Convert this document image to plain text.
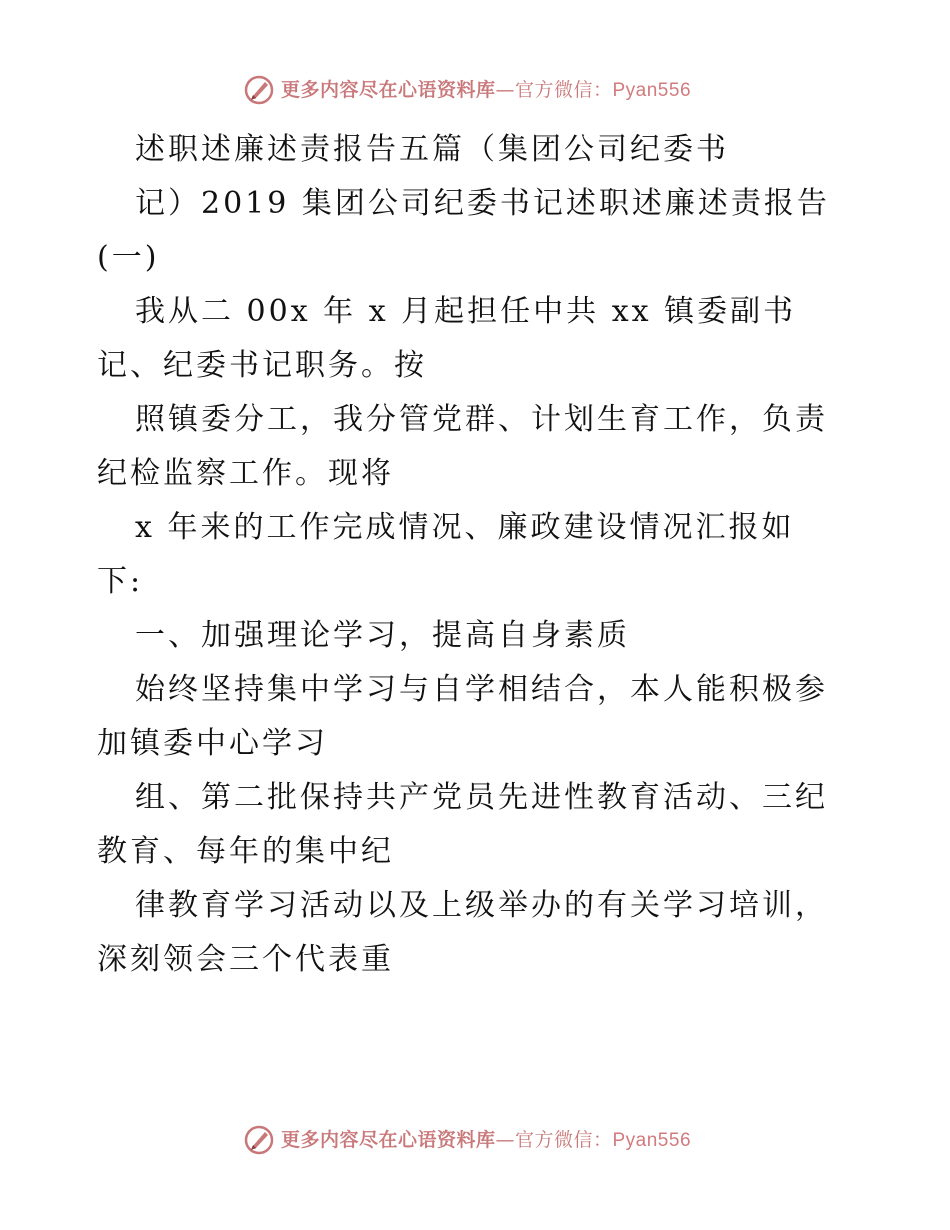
更多内容尽在心语资料库—官方微信：Pyan556
述职述廉述责报告五篇（集团公司纪委书
记）2019 集团公司纪委书记述职述廉述责报告
(一)
我从二 00x 年 x 月起担任中共 xx 镇委副书
记、纪委书记职务。按
照镇委分工，我分管党群、计划生育工作，负责
纪检监察工作。现将
x 年来的工作完成情况、廉政建设情况汇报如
下:
一、加强理论学习，提高自身素质
始终坚持集中学习与自学相结合，本人能积极参
加镇委中心学习
组、第二批保持共产党员先进性教育活动、三纪
教育、每年的集中纪
律教育学习活动以及上级举办的有关学习培训，
深刻领会三个代表重
更多内容尽在心语资料库—官方微信：Pyan556
